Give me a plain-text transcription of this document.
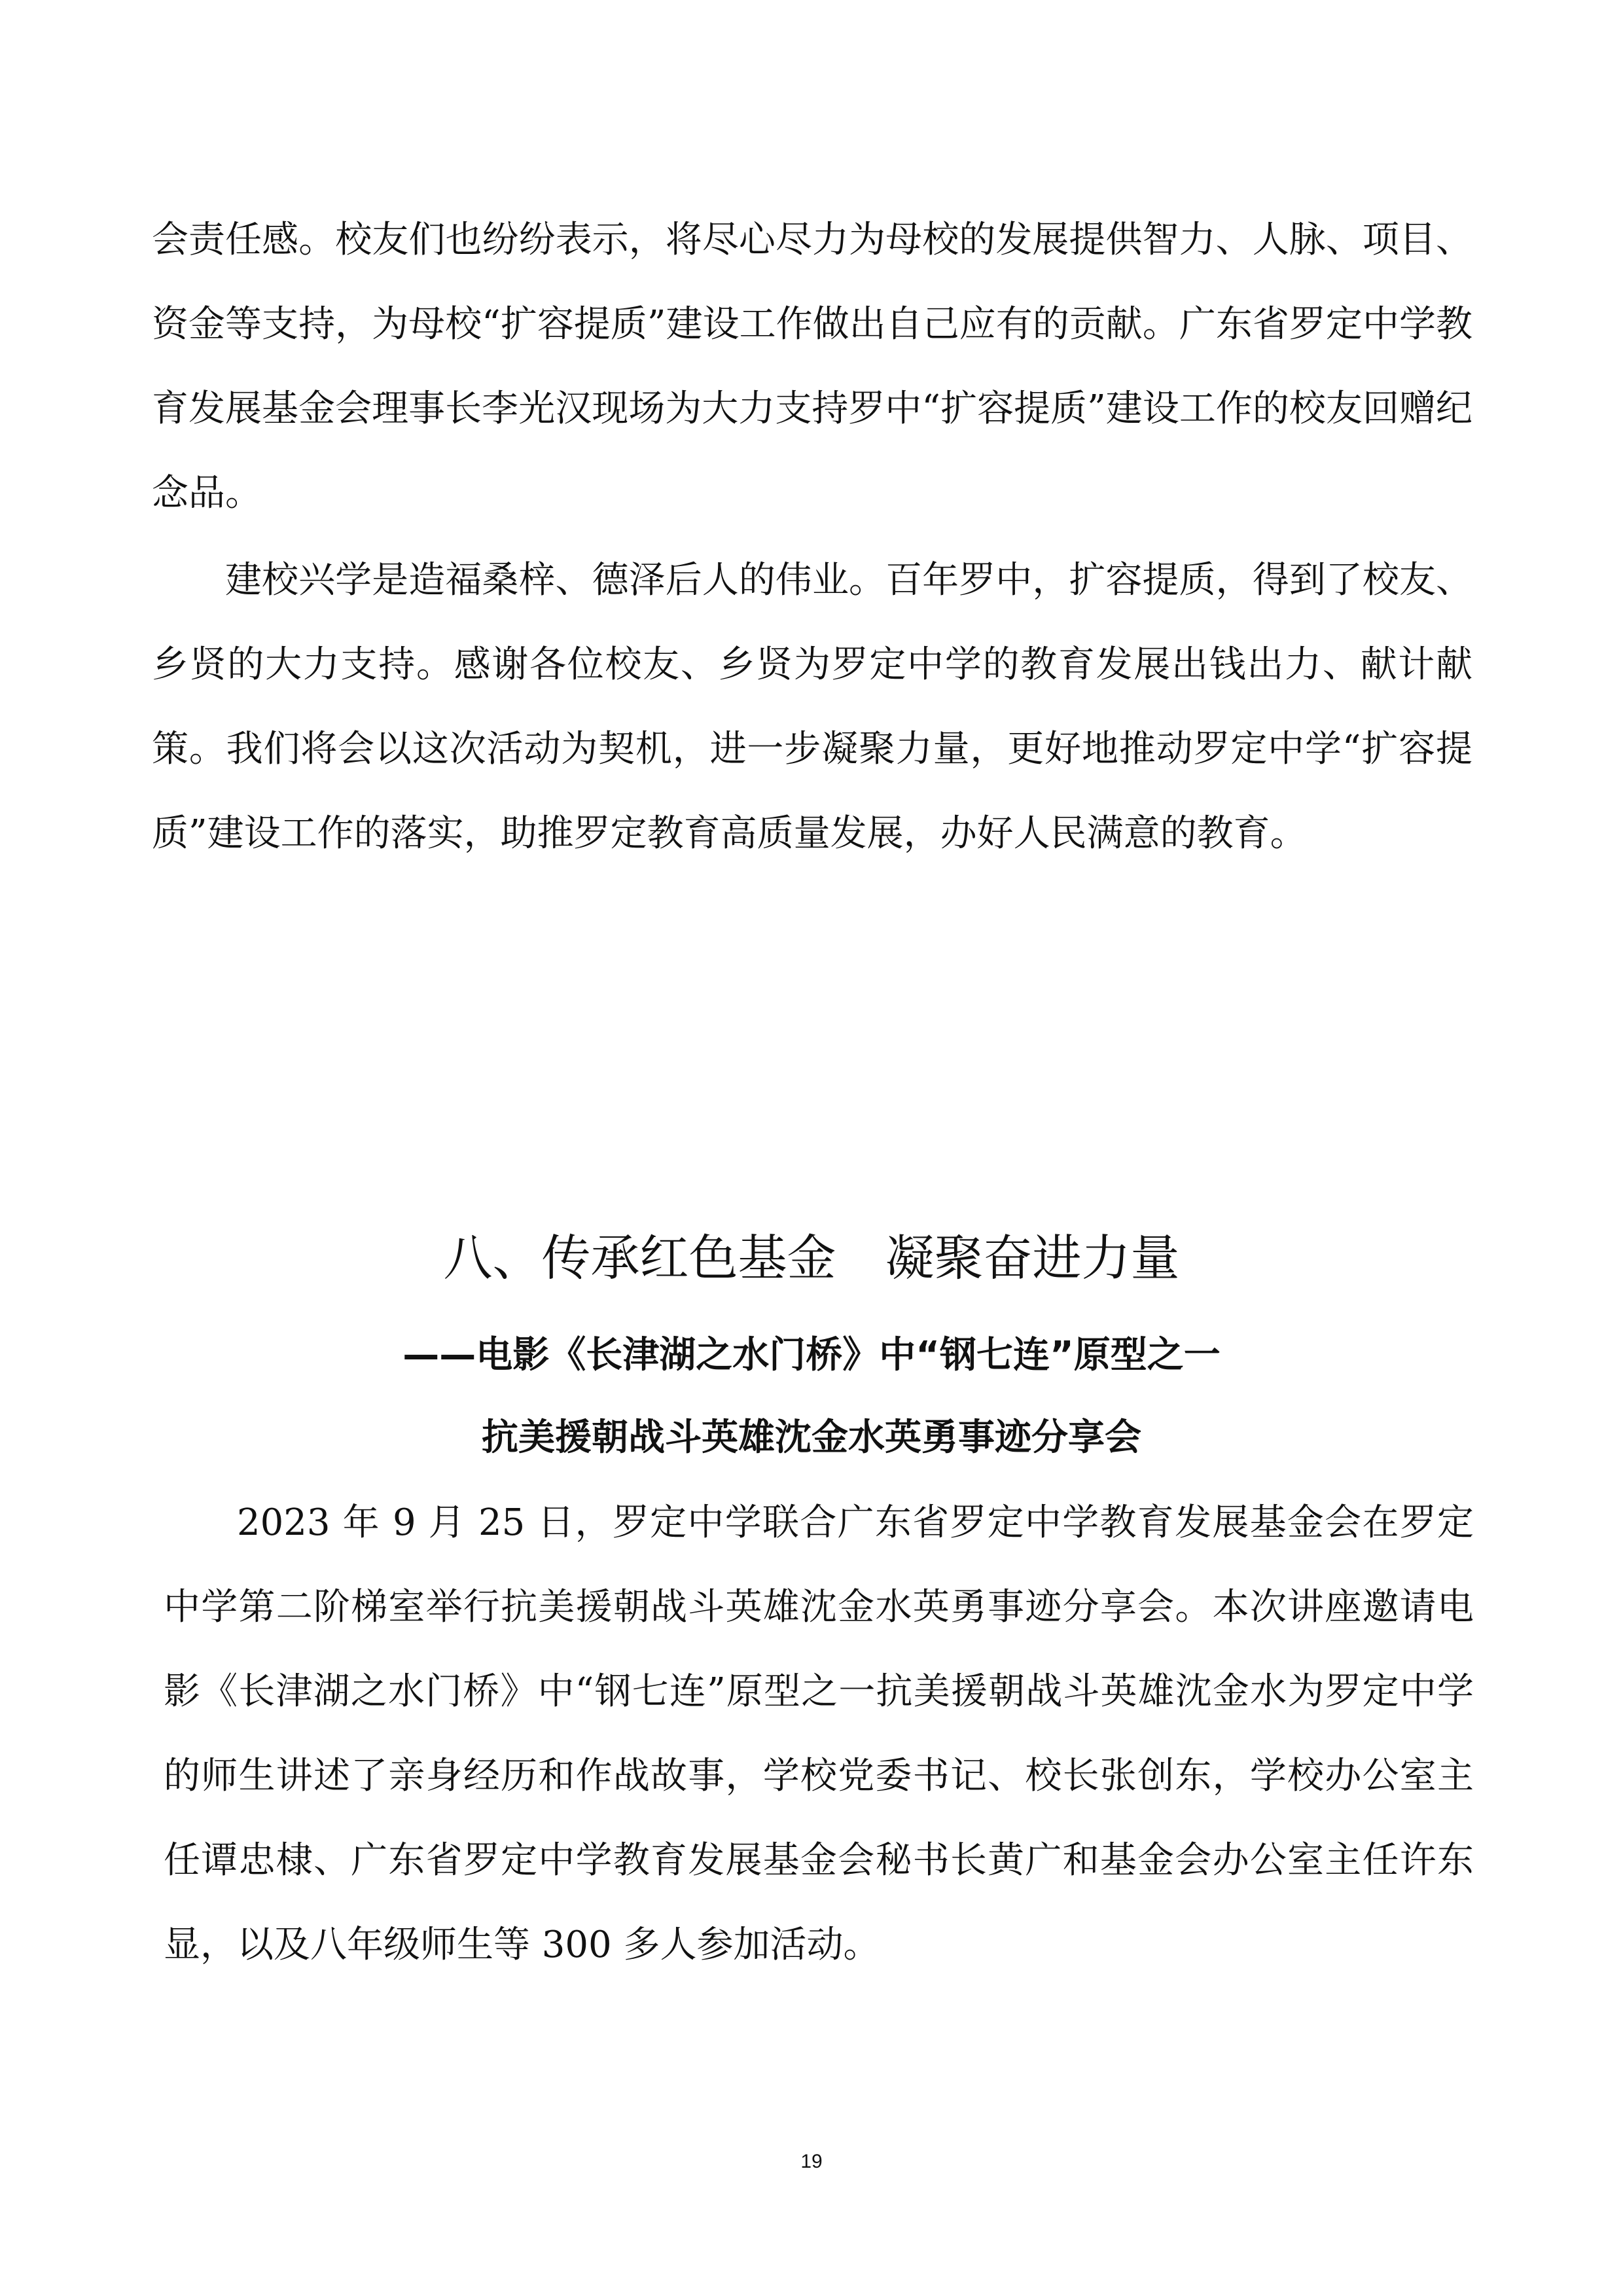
会责任感。校友们也纷纷表示，将尽心尽力为母校的发展提供智力、人脉、项目、资金等支持，为母校“扩容提质”建设工作做出自己应有的贡献。广东省罗定中学教育发展基金会理事长李光汉现场为大力支持罗中“扩容提质”建设工作的校友回赠纪念品。

建校兴学是造福桑梓、德泽后人的伟业。百年罗中，扩容提质，得到了校友、乡贤的大力支持。感谢各位校友、乡贤为罗定中学的教育发展出钱出力、献计献策。我们将会以这次活动为契机，进一步凝聚力量，更好地推动罗定中学“扩容提质”建设工作的落实，助推罗定教育高质量发展，办好人民满意的教育。

八、传承红色基金　凝聚奋进力量

——电影《长津湖之水门桥》中“钢七连”原型之一

抗美援朝战斗英雄沈金水英勇事迹分享会

2023 年 9 月 25 日，罗定中学联合广东省罗定中学教育发展基金会在罗定中学第二阶梯室举行抗美援朝战斗英雄沈金水英勇事迹分享会。本次讲座邀请电影《长津湖之水门桥》中“钢七连”原型之一抗美援朝战斗英雄沈金水为罗定中学的师生讲述了亲身经历和作战故事，学校党委书记、校长张创东，学校办公室主任谭忠棣、广东省罗定中学教育发展基金会秘书长黄广和基金会办公室主任许东显，以及八年级师生等 300 多人参加活动。

19
